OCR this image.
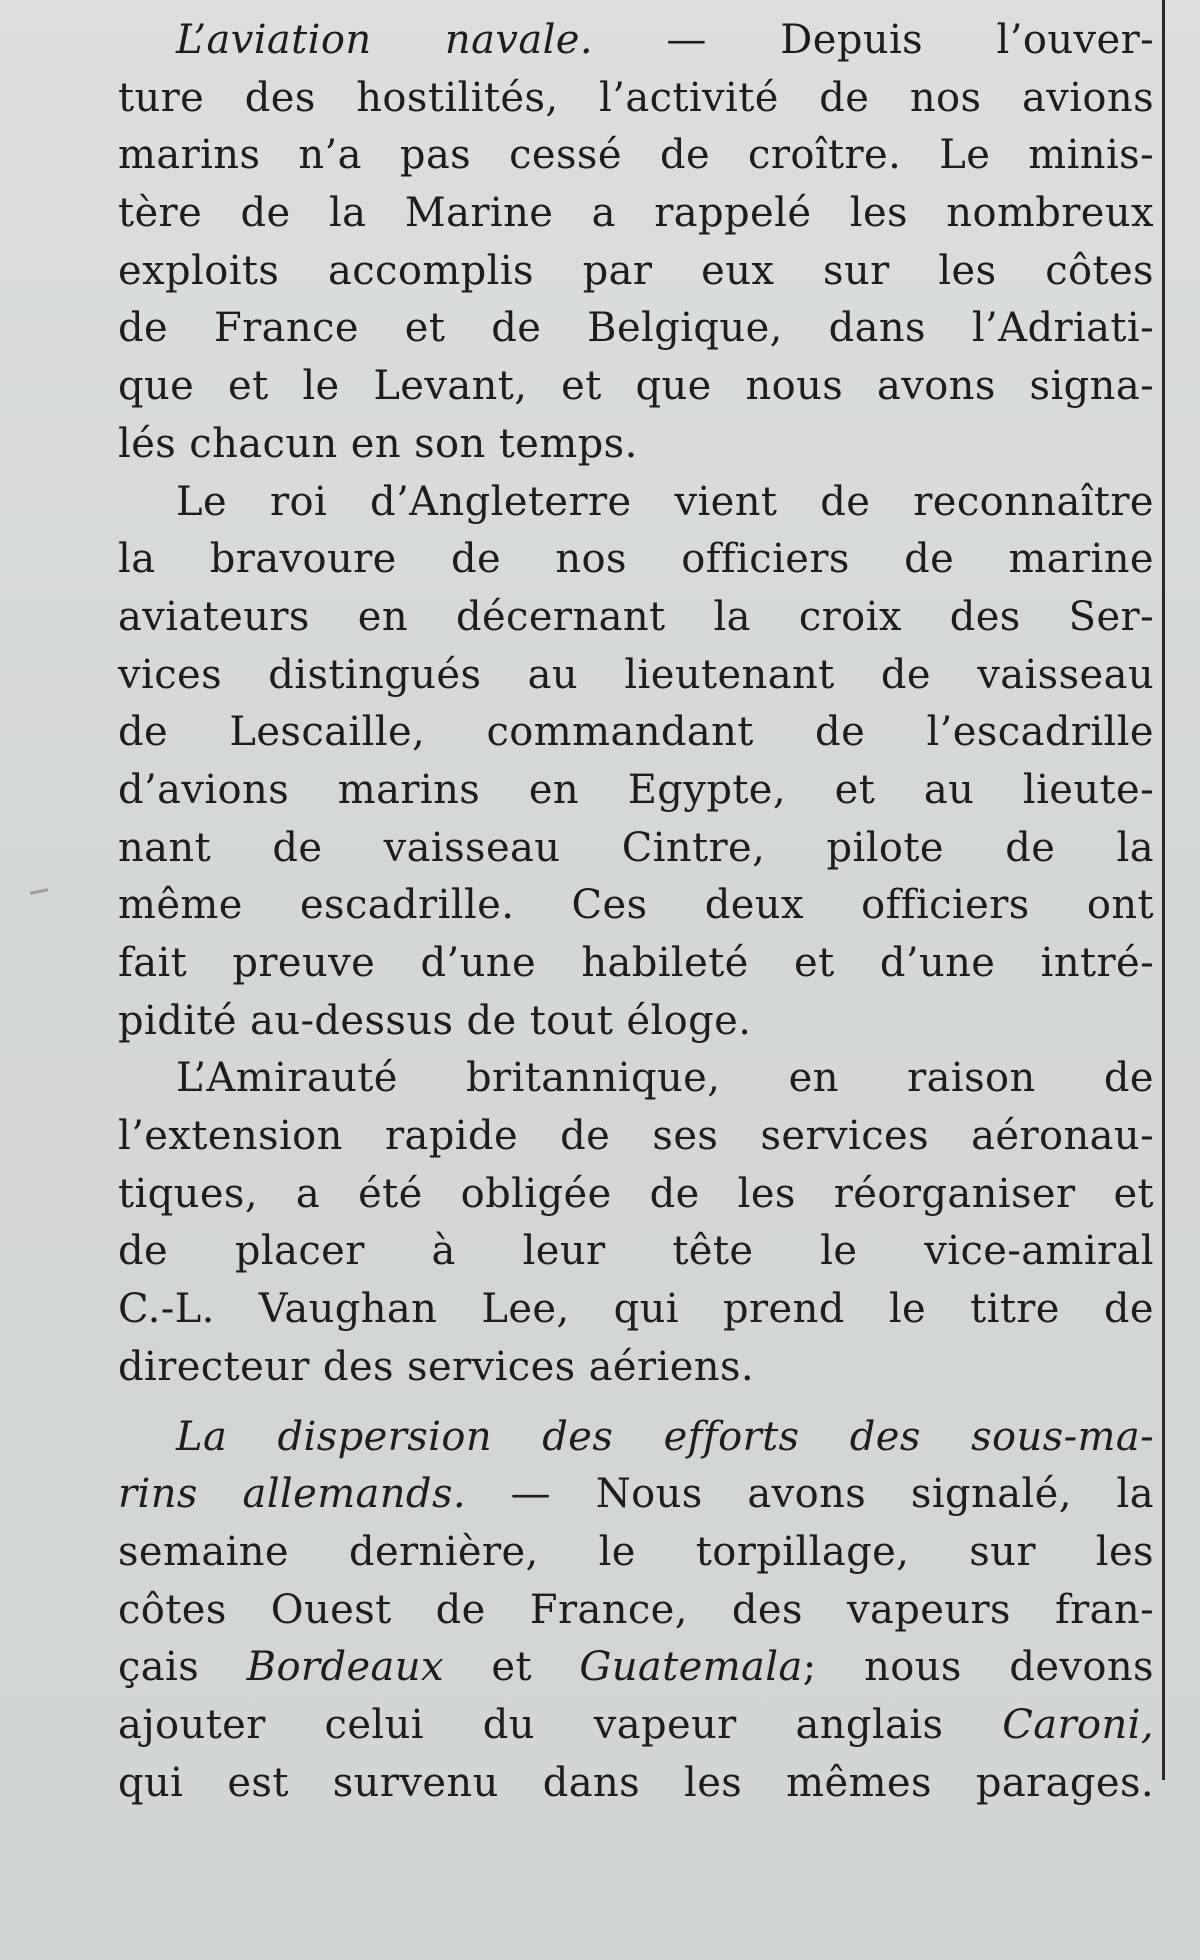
L’aviation navale. — Depuis l’ouver-
ture des hostilités, l’activité de nos avions
marins n’a pas cessé de croître. Le minis-
tère de la Marine a rappelé les nombreux
exploits accomplis par eux sur les côtes
de France et de Belgique, dans l’Adriati-
que et le Levant, et que nous avons signa-
lés chacun en son temps.
Le roi d’Angleterre vient de reconnaître
la bravoure de nos officiers de marine
aviateurs en décernant la croix des Ser-
vices distingués au lieutenant de vaisseau
de Lescaille, commandant de l’escadrille
d’avions marins en Egypte, et au lieute-
nant de vaisseau Cintre, pilote de la
même escadrille. Ces deux officiers ont
fait preuve d’une habileté et d’une intré-
pidité au-dessus de tout éloge.
L’Amirauté britannique, en raison de
l’extension rapide de ses services aéronau-
tiques, a été obligée de les réorganiser et
de placer à leur tête le vice-amiral
C.-L. Vaughan Lee, qui prend le titre de
directeur des services aériens.
La dispersion des efforts des sous-ma-
rins allemands. — Nous avons signalé, la
semaine dernière, le torpillage, sur les
côtes Ouest de France, des vapeurs fran-
çais Bordeaux et Guatemala; nous devons
ajouter celui du vapeur anglais Caroni,
qui est survenu dans les mêmes parages.
